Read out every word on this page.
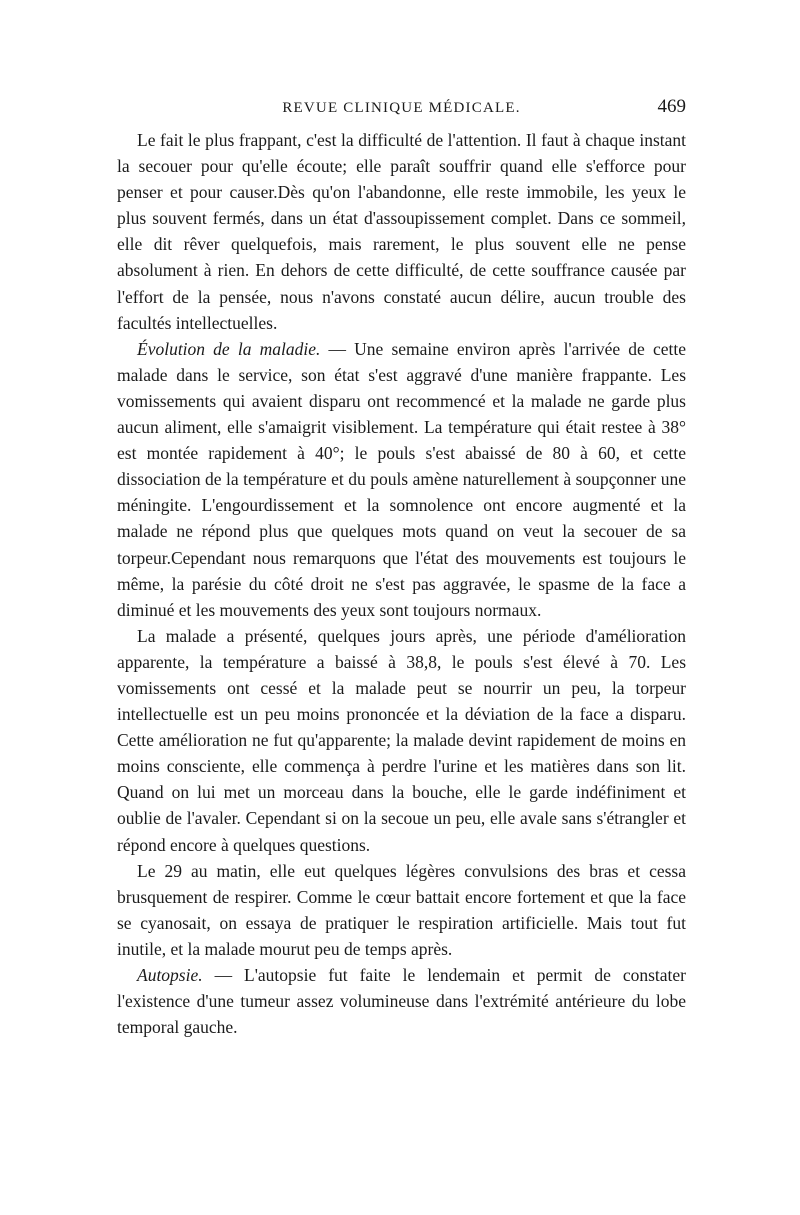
REVUE CLINIQUE MÉDICALE.	469

Le fait le plus frappant, c'est la difficulté de l'attention. Il faut à chaque instant la secouer pour qu'elle écoute; elle paraît souffrir quand elle s'efforce pour penser et pour causer.Dès qu'on l'abandonne, elle reste immobile, les yeux le plus souvent fermés, dans un état d'assoupissement complet. Dans ce sommeil, elle dit rêver quelquefois, mais rarement, le plus souvent elle ne pense absolument à rien. En dehors de cette difficulté, de cette souffrance causée par l'effort de la pensée, nous n'avons constaté aucun délire, aucun trouble des facultés intellectuelles.

Évolution de la maladie. — Une semaine environ après l'arrivée de cette malade dans le service, son état s'est aggravé d'une manière frappante. Les vomissements qui avaient disparu ont recommencé et la malade ne garde plus aucun aliment, elle s'amaigrit visiblement. La température qui était restee à 38° est montée rapidement à 40°; le pouls s'est abaissé de 80 à 60, et cette dissociation de la température et du pouls amène naturellement à soupçonner une méningite. L'engourdissement et la somnolence ont encore augmenté et la malade ne répond plus que quelques mots quand on veut la secouer de sa torpeur.Cependant nous remarquons que l'état des mouvements est toujours le même, la parésie du côté droit ne s'est pas aggravée, le spasme de la face a diminué et les mouvements des yeux sont toujours normaux.

La malade a présenté, quelques jours après, une période d'amélioration apparente, la température a baissé à 38,8, le pouls s'est élevé à 70. Les vomissements ont cessé et la malade peut se nourrir un peu, la torpeur intellectuelle est un peu moins prononcée et la déviation de la face a disparu. Cette amélioration ne fut qu'apparente; la malade devint rapidement de moins en moins consciente, elle commença à perdre l'urine et les matières dans son lit. Quand on lui met un morceau dans la bouche, elle le garde indéfiniment et oublie de l'avaler. Cependant si on la secoue un peu, elle avale sans s'étrangler et répond encore à quelques questions.

Le 29 au matin, elle eut quelques légères convulsions des bras et cessa brusquement de respirer. Comme le cœur battait encore fortement et que la face se cyanosait, on essaya de pratiquer le respiration artificielle. Mais tout fut inutile, et la malade mourut peu de temps après.

Autopsie. — L'autopsie fut faite le lendemain et permit de constater l'existence d'une tumeur assez volumineuse dans l'extrémité antérieure du lobe temporal gauche.
